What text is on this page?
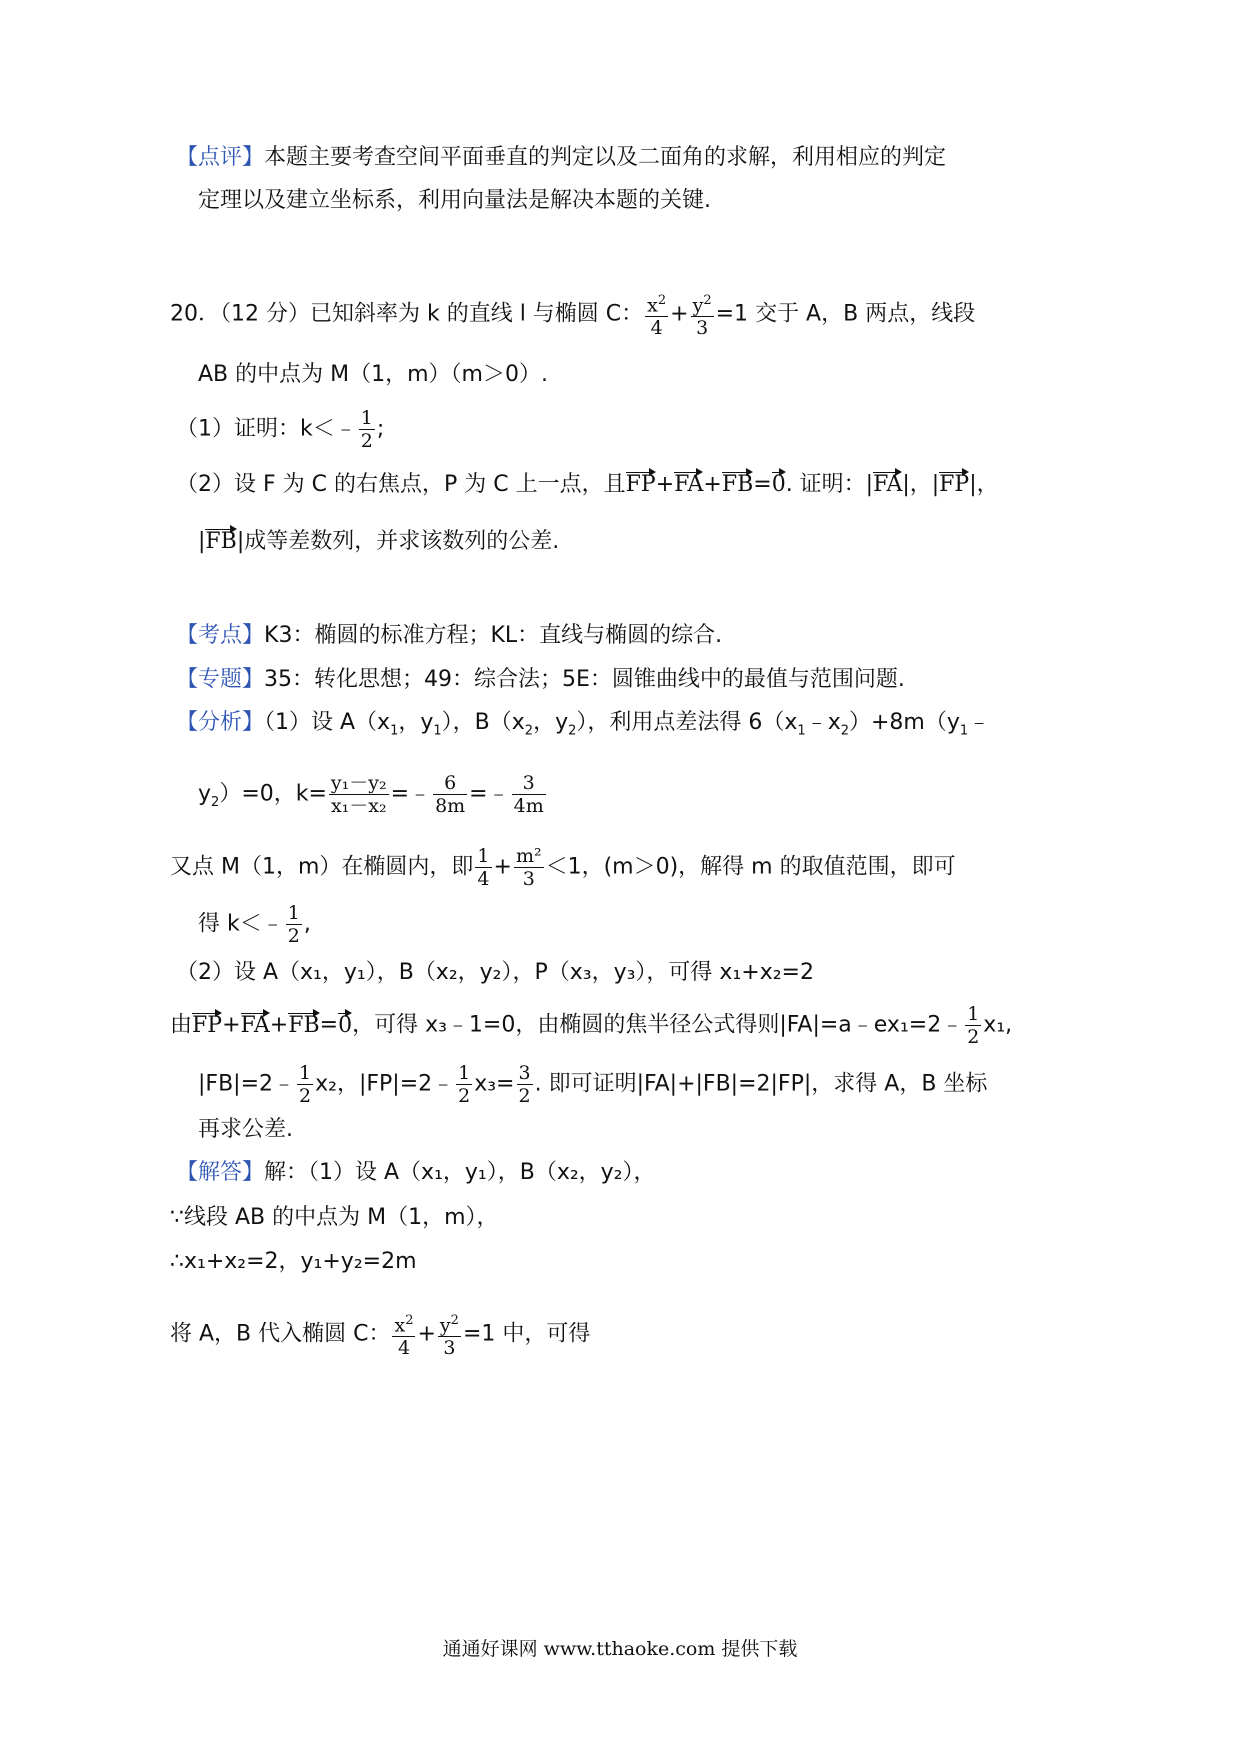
【点评】本题主要考查空间平面垂直的判定以及二面角的求解，利用相应的判定
定理以及建立坐标系，利用向量法是解决本题的关键.
20．（12 分）已知斜率为 k 的直线 l 与椭圆 C： $\frac{x^2}{4} + \frac{y^2}{3} =1$ 交于 A，B 两点，线段
AB 的中点为 M（1，m）（m＞0）.
（1）证明：k＜﹣ $\frac{1}{2}$ ;
（2）设 F 为 C 的右焦点，P 为 C 上一点，且FP+FA+FB=0. 证明：|FA|，|FP|，
|FB|成等差数列，并求该数列的公差.
【考点】K3：椭圆的标准方程；KL：直线与椭圆的综合.
【专题】35：转化思想；49：综合法；5E：圆锥曲线中的最值与范围问题.
【分析】（1）设 $A(x_1$，$y_1$），$B(x_2$，$y_2$），利用点差法得 $6(x_1﹣x_2)+8m(y_1﹣$
$y_2)=0$，$k= \frac{\text{y₁－y₂}}{\text{x₁－x₂}}$ =﹣ $\frac{6}{8m}$ =﹣ $\frac{3}{4m}$
又点 M（1，m）在椭圆内，即 $\frac{1}{4} + \frac{\text{m²}}{3} <1$，(m＞0)，解得 m 的取值范围，即可
得 k＜﹣ $\frac{1}{2}$ ,
（2）设 A（x₁，y₁），B（x₂，y₂），P（x₃，y₃），可得 x₁+x₂=2
由FP+FA+FB=0，可得 x₃﹣1=0，由椭圆的焦半径公式得则|FA|=a﹣ex₁=2﹣ $\frac{1}{2} x_1$,
|FB|=2﹣ $\frac{1}{2} x_2$，|FP|=2﹣ $\frac{1}{2} x_3= \frac{3}{2}$ . 即可证明|FA|+|FB|=2|FP|，求得 A，B 坐标
再求公差.
【解答】解：（1）设 A（x₁，y₁），B（x₂，y₂），
∵线段 AB 的中点为 M（1，m），
∴x₁+x₂=2，y₁+y₂=2m
将 A，B 代入椭圆 C： $\frac{x^2}{4} + \frac{y^2}{3} =1$ 中，可得
通通好课网 www.tthaoke.com 提供下载
